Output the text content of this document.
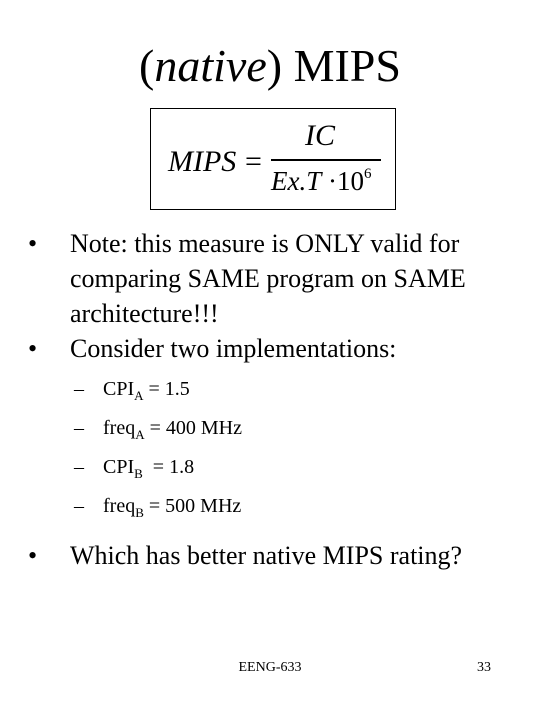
(native) MIPS
MIPS =
IC
$Ex.T \cdot 10^6$
• Note: this measure is ONLY valid for comparing SAME program on SAME architecture!!!
• Consider two implementations:
– $CPI_A = 1.5$
– freq$_A$ = 400 MHz
– $CPI_B = 1.8$
– freq$_B$ = 500 MHz
• Which has better native MIPS rating?
EENG-633	33
